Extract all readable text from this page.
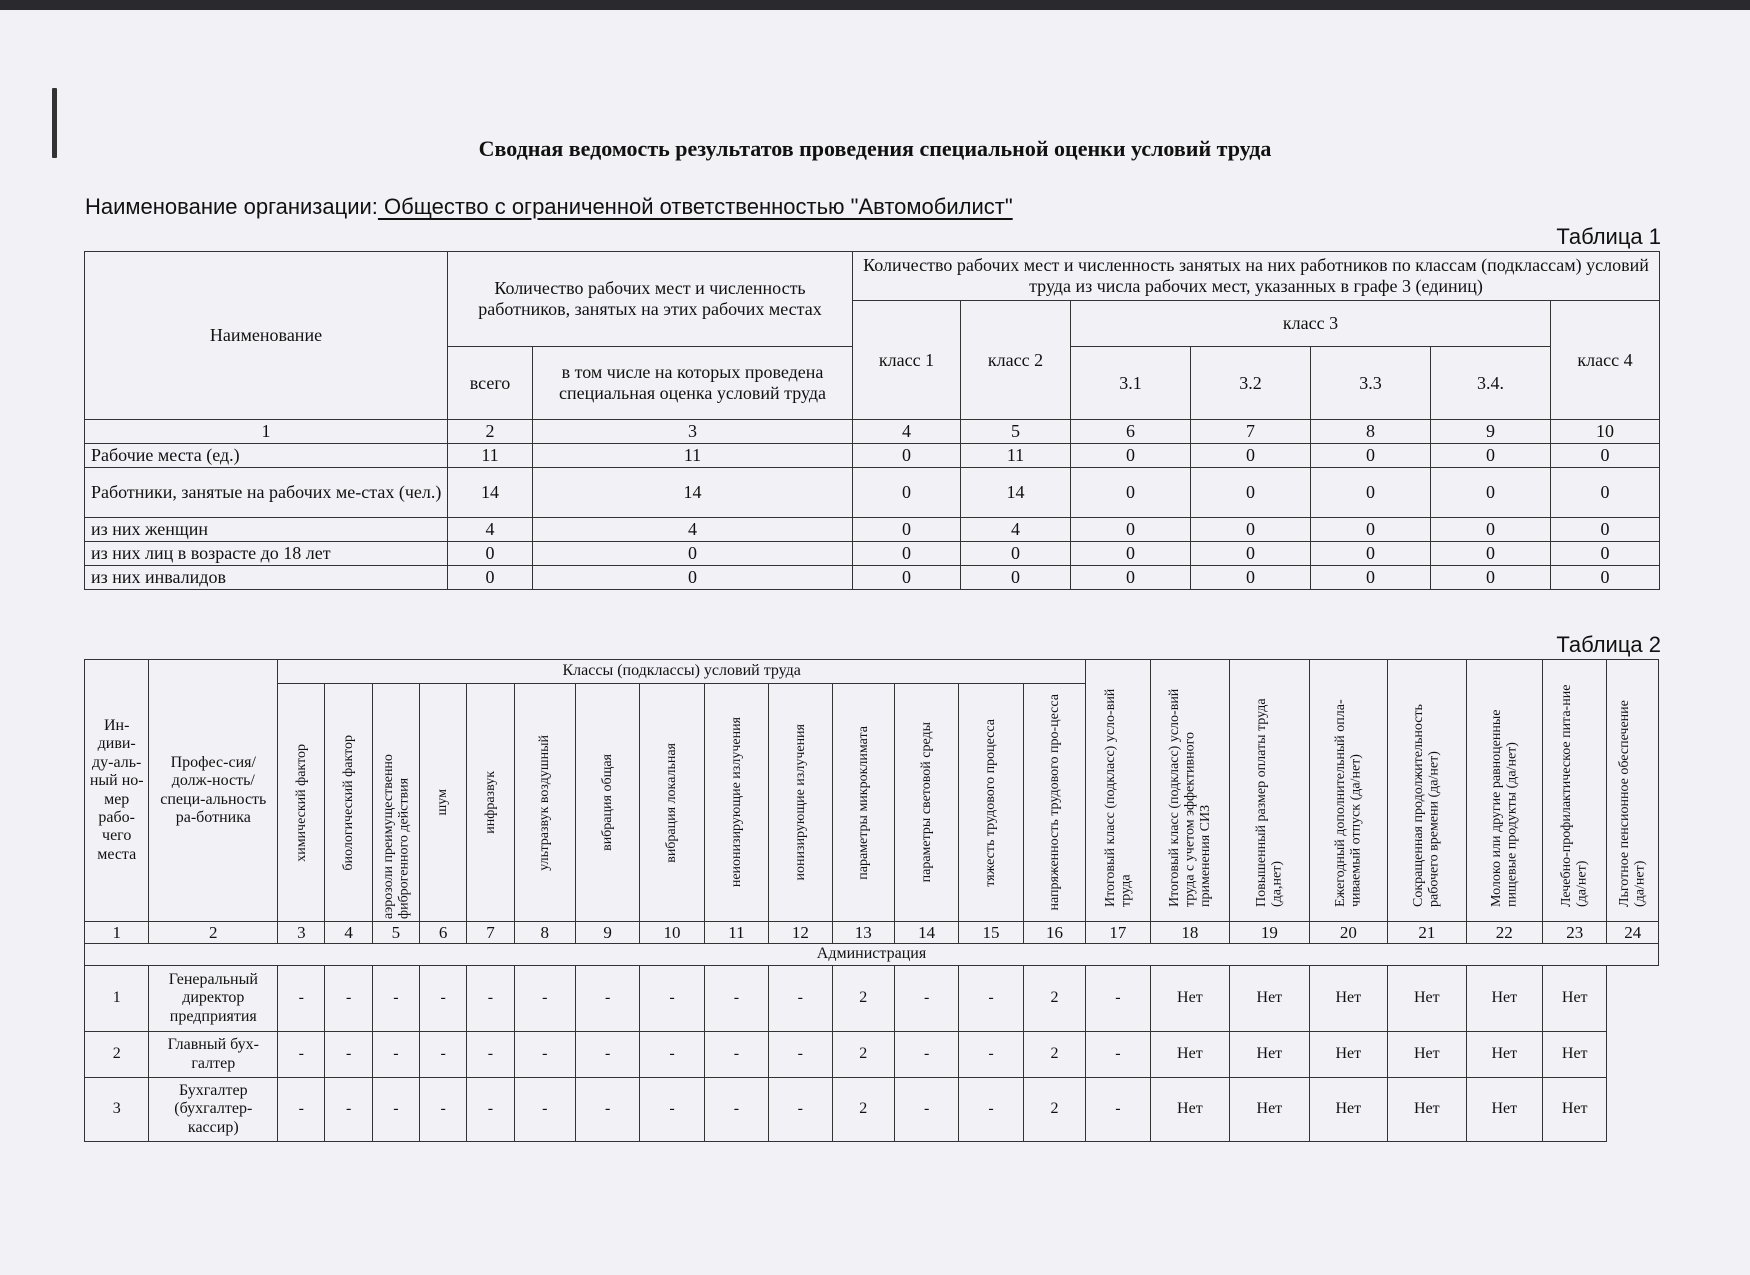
Сводная ведомость результатов проведения специальной оценки условий труда
Наименование организации: Общество с ограниченной ответственностью "Автомобилист"
Таблица 1
Наименование	Количество рабочих мест и численность работников, занятых на этих рабочих местах		Количество рабочих мест и численность занятых на них работников по классам (подклассам) условий труда из числа рабочих мест, указанных в графе 3 (единиц)						
			класс 1	класс 2	класс 3				класс 4
	всего	в том числе на которых проведена специальная оценка условий труда			3.1	3.2	3.3	3.4.	
1	2	3	4	5	6	7	8	9	10
Рабочие места (ед.)	11	11	0	11	0	0	0	0	0
Работники, занятые на рабочих ме-стах (чел.)	14	14	0	14	0	0	0	0	0
из них женщин	4	4	0	4	0	0	0	0	0
из них лиц в возрасте до 18 лет	0	0	0	0	0	0	0	0	0
из них инвалидов	0	0	0	0	0	0	0	0	0
Таблица 2
Ин-диви-ду-аль-ный но-мер рабо-чего места	Профес-сия/долж-ность/специ-альность ра-ботника	Классы (подклассы) условий труда														Итоговый класс (подкласс) усло-вий труда	Итоговый класс (подкласс) усло-вий труда с учетом эффективного применения СИЗ	Повышенный размер оплаты труда (да,нет)	Ежегодный дополнительный опла-чиваемый отпуск (да/нет)	Сокращенная продолжительность рабочего времени (да/нет)	Молоко или другие равноценные пищевые продукты (да/нет)	Лечебно-профилактическое пита-ние (да/нет)	Льготное пенсионное обеспечение (да/нет)

		химический фактор	биологический фактор	аэрозоли преимущественно фиброгенного действия	шум	инфразвук	ультразвук воздушный	вибрация общая	вибрация локальная	неионизирующие излучения	ионизирующие излучения	параметры микроклимата	параметры световой среды	тяжесть трудового процесса	напряженность трудового про-цесса								

1	2	3	4	5	6	7	8	9	10	11	12	13	14	15	16	17	18	19	20	21	22	23	24
Администрация																							
1	Генеральный директор предприятия	-	-	-	-	-	-	-	-	-	-	2	-	-	2	-	Нет	Нет	Нет	Нет	Нет	Нет	
2	Главный бух-галтер	-	-	-	-	-	-	-	-	-	-	2	-	-	2	-	Нет	Нет	Нет	Нет	Нет	Нет	
3	Бухгалтер (бухгалтер-кассир)	-	-	-	-	-	-	-	-	-	-	2	-	-	2	-	Нет	Нет	Нет	Нет	Нет	Нет	
